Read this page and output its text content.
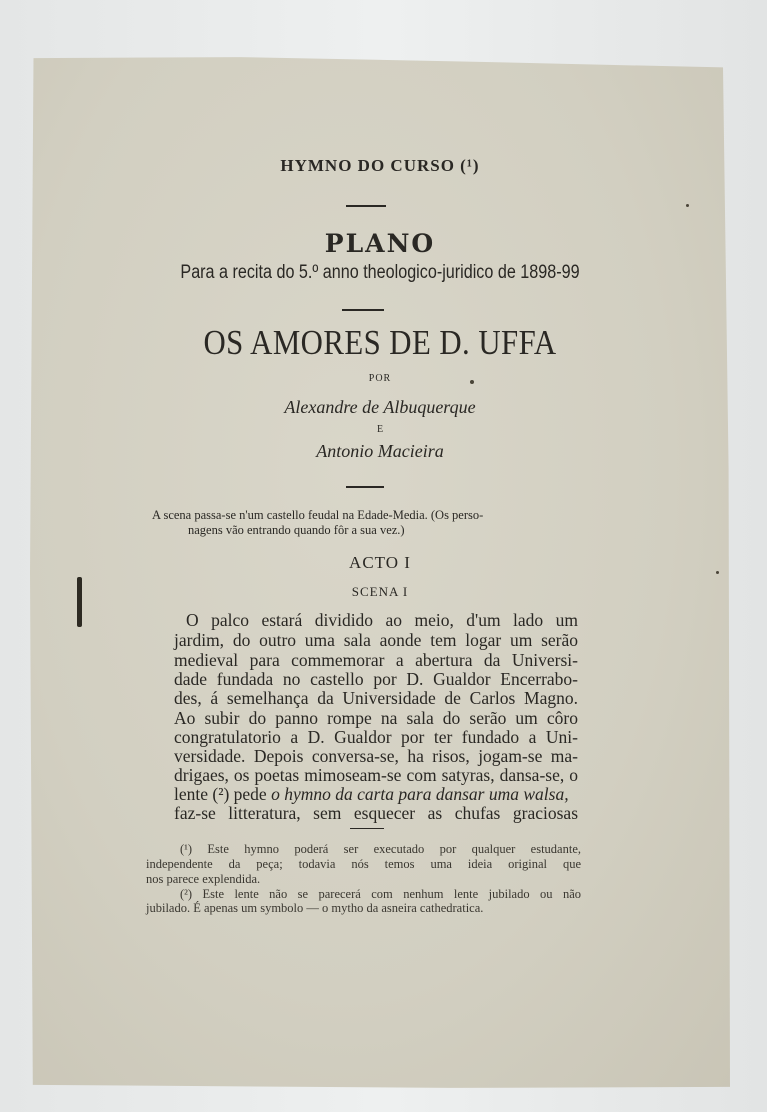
HYMNO DO CURSO (¹)
PLANO
Para a recita do 5.º anno theologico-juridico de 1898-99
OS AMORES DE D. UFFA
POR
Alexandre de Albuquerque
E
Antonio Macieira
A scena passa-se n'um castello feudal na Edade-Media. (Os perso-
nagens vão entrando quando fôr a sua vez.)
ACTO I
SCENA I
O palco estará dividido ao meio, d'um lado um
jardim, do outro uma sala aonde tem logar um serão
medieval para commemorar a abertura da Universi-
dade fundada no castello por D. Gualdor Encerrabo-
des, á semelhança da Universidade de Carlos Magno.
Ao subir do panno rompe na sala do serão um côro
congratulatorio a D. Gualdor por ter fundado a Uni-
versidade. Depois conversa-se, ha risos, jogam-se ma-
drigaes, os poetas mimoseam-se com satyras, dansa-se, o
lente (²) pede o hymno da carta para dansar uma walsa,
faz-se litteratura, sem esquecer as chufas graciosas
(¹) Este hymno poderá ser executado por qualquer estudante,
independente da peça; todavia nós temos uma ideia original que
nos parece explendida.
(²) Este lente não se parecerá com nenhum lente jubilado ou não
jubilado. É apenas um symbolo — o mytho da asneira cathedratica.
